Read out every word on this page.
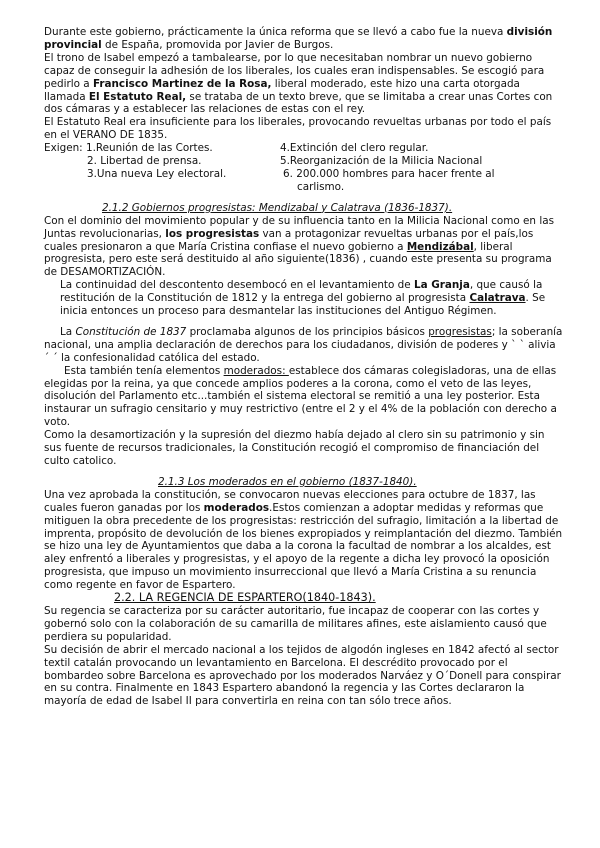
Durante este gobierno, prácticamente la única reforma que se llevó a cabo fue la nueva división provincial de España, promovida por Javier de Burgos.

El trono de Isabel empezó a tambalearse, por lo que necesitaban nombrar un nuevo gobierno capaz de conseguir la adhesión de los liberales, los cuales eran indispensables. Se escogió para pedirlo a Francisco Martinez de la Rosa, liberal moderado, este hizo una carta otorgada llamada El Estatuto Real, se trataba de un texto breve, que se limitaba a crear unas Cortes con dos cámaras y a establecer las relaciones de estas con el rey.

El Estatuto Real era insuficiente para los liberales, provocando revueltas urbanas por todo el país en el VERANO DE 1835.

Exigen: 1.Reunión de las Cortes.	4.Extinción del clero regular.
2. Libertad de prensa.	5.Reorganización de la Milicia Nacional
3.Una nueva Ley electoral.	6. 200.000 hombres para hacer frente al
carlismo.

2.1.2 Gobiernos progresistas: Mendizabal y Calatrava (1836-1837).

Con el dominio del movimiento popular y de su influencia tanto en la Milicia Nacional como en las Juntas revolucionarias, los progresistas van a protagonizar revueltas urbanas por el país,los cuales presionaron a que María Cristina confiase el nuevo gobierno a Mendizábal, liberal progresista, pero este será destituido al año siguiente(1836) , cuando este presenta su programa de DESAMORTIZACIÓN.

La continuidad del descontento desembocó en el levantamiento de La Granja, que causó la restitución de la Constitución de 1812 y la entrega del gobierno al progresista Calatrava. Se inicia entonces un proceso para desmantelar las instituciones del Antiguo Régimen.

La Constitución de 1837 proclamaba algunos de los principios básicos progresistas; la soberanía nacional, una amplia declaración de derechos para los ciudadanos, división de poderes y ` ` alivia ´ ´ la confesionalidad católica del estado.

Esta también tenía elementos moderados: establece dos cámaras colegisladoras, una de ellas elegidas por la reina, ya que concede amplios poderes a la corona, como el veto de las leyes, disolución del Parlamento etc...también el sistema electoral se remitió a una ley posterior. Esta instaurar un sufragio censitario y muy restrictivo (entre el 2 y el 4% de la población con derecho a voto.

Como la desamortización y la supresión del diezmo había dejado al clero sin su patrimonio y sin sus fuente de recursos tradicionales, la Constitución recogió el compromiso de financiación del culto catolico.

2.1.3 Los moderados en el gobierno (1837-1840).

Una vez aprobada la constitución, se convocaron nuevas elecciones para octubre de 1837, las cuales fueron ganadas por los moderados.Estos comienzan a adoptar medidas y reformas que mitiguen la obra precedente de los progresistas: restricción del sufragio, limitación a la libertad de imprenta, propósito de devolución de los bienes expropiados y reimplantación del diezmo. También se hizo una ley de Ayuntamientos que daba a la corona la facultad de nombrar a los alcaldes, est aley enfrentó a liberales y progresistas, y el apoyo de la regente a dicha ley provocó la oposición progresista, que impuso un movimiento insurreccional que llevó a María Cristina a su renuncia como regente en favor de Espartero.

2.2. LA REGENCIA DE ESPARTERO(1840-1843).

Su regencia se caracteriza por su carácter autoritario, fue incapaz de cooperar con las cortes y gobernó solo con la colaboración de su camarilla de militares afines, este aislamiento causó que perdiera su popularidad.

Su decisión de abrir el mercado nacional a los tejidos de algodón ingleses en 1842 afectó al sector textil catalán provocando un levantamiento en Barcelona. El descrédito provocado por el bombardeo sobre Barcelona es aprovechado por los moderados Narváez y O´Donell para conspirar en su contra. Finalmente en 1843 Espartero abandonó la regencia y las Cortes declararon la mayoría de edad de Isabel II para convertirla en reina con tan sólo trece años.
